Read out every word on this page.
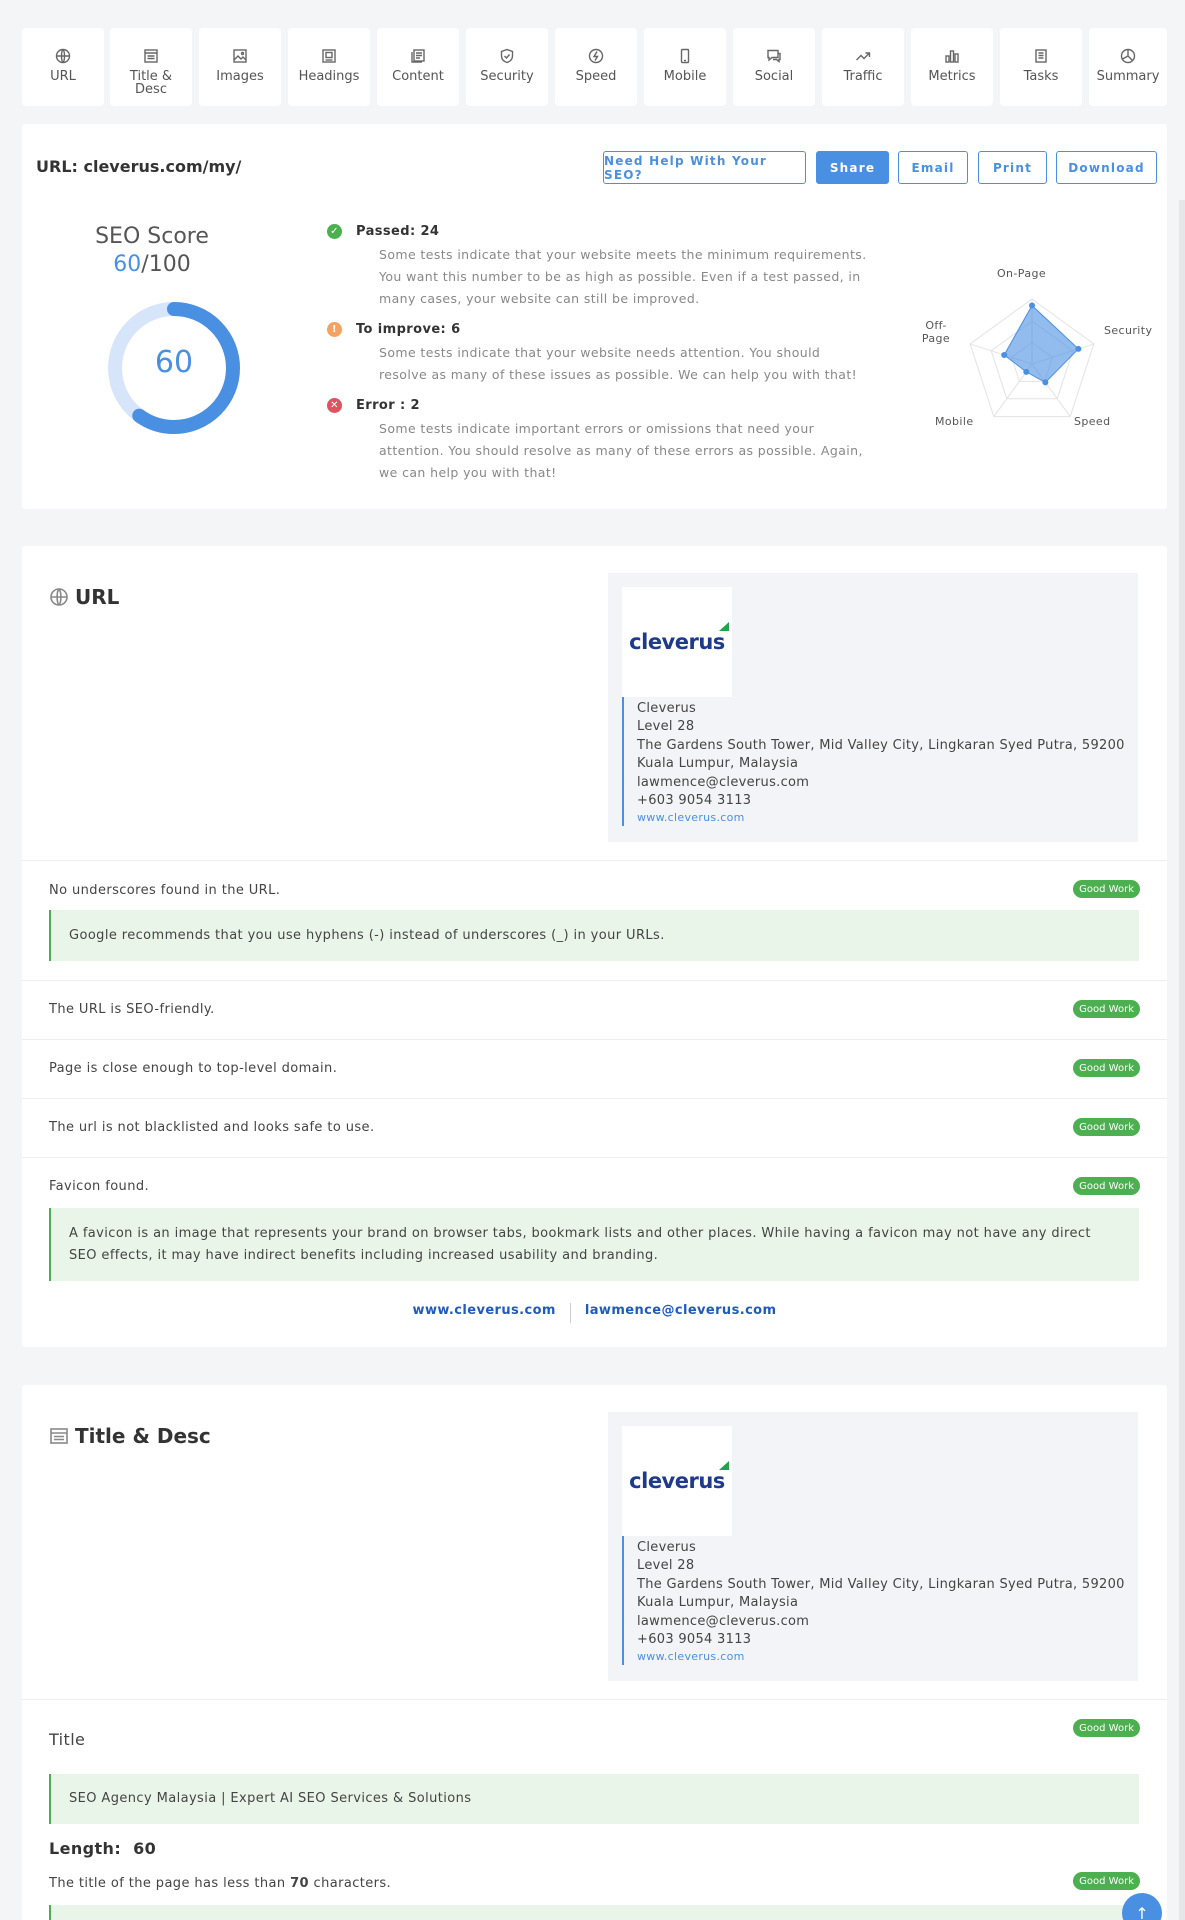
URL	Title & Desc
Images	Headings	Content	Security	Speed	Mobile	Social	Traffic	Metrics	Tasks	Summary
URL: cleverus.com/my/	Need Help With Your SEO?	Share	Email	Print	Download
SEO Score
60/100
60
✓ Passed: 24
Some tests indicate that your website meets the minimum requirements. You want this number to be as high as possible. Even if a test passed, in many cases, your website can still be improved.
!	To improve: 6
Some tests indicate that your website needs attention. You should resolve as many of these issues as possible. We can help you with that!
✕ Error : 2
Some tests indicate important errors or omissions that need your attention. You should resolve as many of these errors as possible. Again, we can help you with that!
On-Page
Security
Speed
Mobile
Off-Page
URL
cleverus
Cleverus
Level 28
The Gardens South Tower, Mid Valley City, Lingkaran Syed Putra, 59200
Kuala Lumpur, Malaysia
lawmence@cleverus.com
+603 9054 3113
www.cleverus.com
No underscores found in the URL.	Good Work
Google recommends that you use hyphens (-) instead of underscores (_) in your URLs.
The URL is SEO-friendly.	Good Work
Page is close enough to top-level domain.	Good Work
The url is not blacklisted and looks safe to use.	Good Work
Favicon found.	Good Work
A favicon is an image that represents your brand on browser tabs, bookmark lists and other places. While having a favicon may not have any direct SEO effects, it may have indirect benefits including increased usability and branding.
www.cleverus.com lawmence@cleverus.com
Title & Desc
cleverus
Cleverus
Level 28
The Gardens South Tower, Mid Valley City, Lingkaran Syed Putra, 59200
Kuala Lumpur, Malaysia
lawmence@cleverus.com
+603 9054 3113
www.cleverus.com
Title
Good Work
SEO Agency Malaysia | Expert AI SEO Services & Solutions
Length: 60
The title of the page has less than 70 characters.	Good Work
↑
